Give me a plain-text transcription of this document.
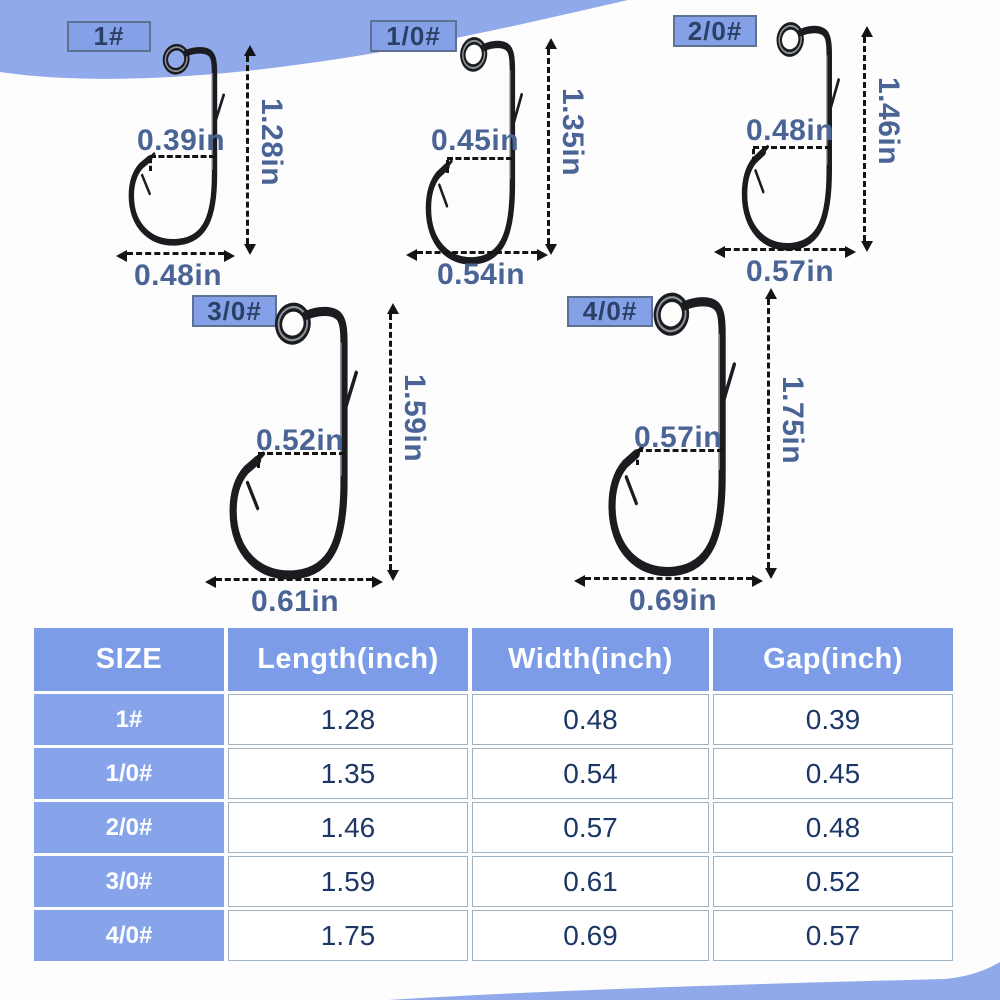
1#
0.39in 1.28in
0.48in
1/0#
0.45in 1.35in
0.54in
2/0#
0.48in 1.46in
0.57in
3/0#
0.52in 1.59in
0.61in
4/0#
0.57in 1.75in
0.69in
SIZE	Length(inch)	Width(inch)	Gap(inch)
1#	1.28	0.48	0.39
1/0#	1.35	0.54	0.45
2/0#	1.46	0.57	0.48
3/0#	1.59	0.61	0.52
4/0#	1.75	0.69	0.57
